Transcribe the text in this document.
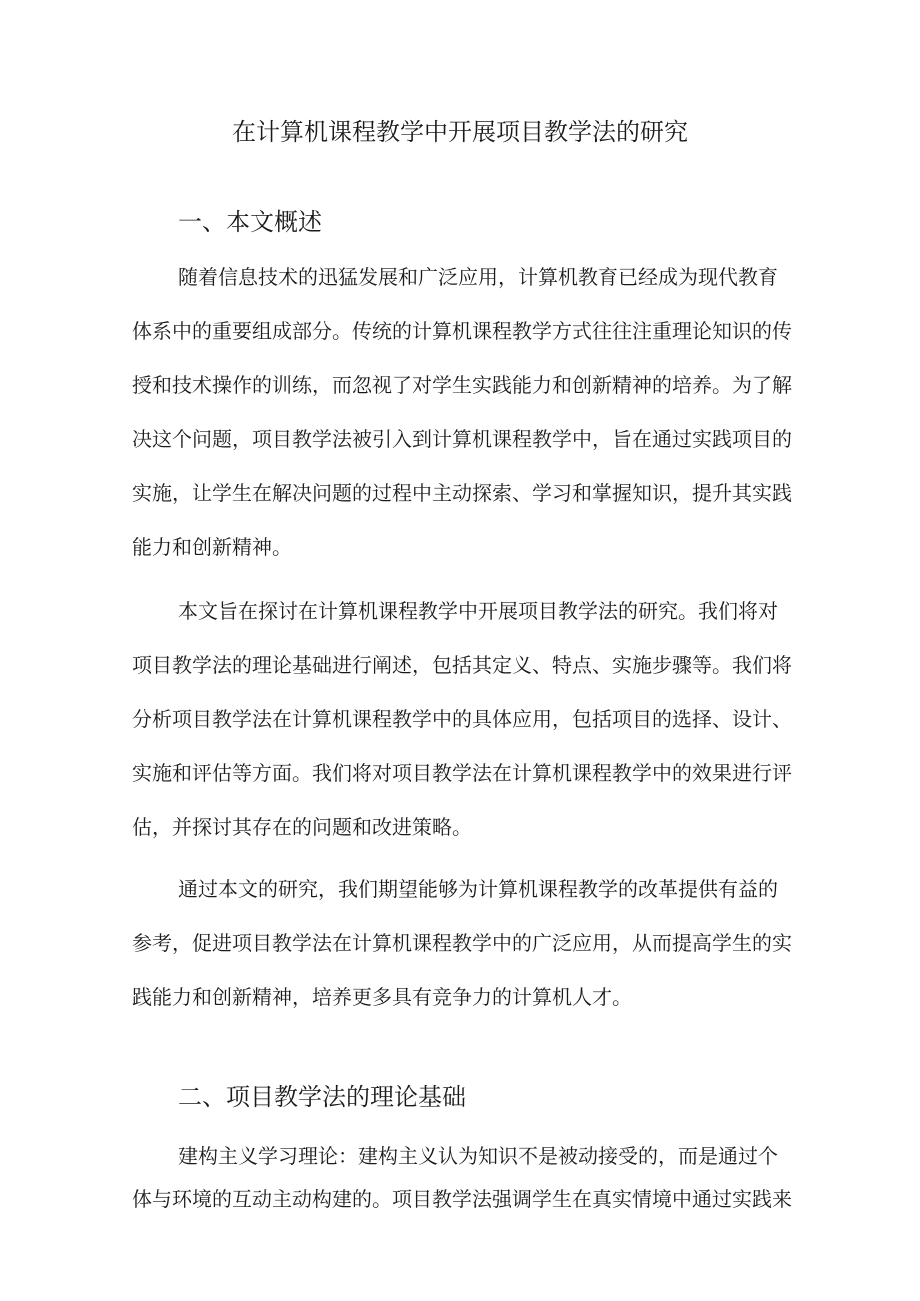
在计算机课程教学中开展项目教学法的研究
一、本文概述

随着信息技术的迅猛发展和广泛应用，计算机教育已经成为现代教育

体系中的重要组成部分。传统的计算机课程教学方式往往注重理论知识的传

授和技术操作的训练，而忽视了对学生实践能力和创新精神的培养。为了解

决这个问题，项目教学法被引入到计算机课程教学中，旨在通过实践项目的

实施，让学生在解决问题的过程中主动探索、学习和掌握知识，提升其实践

能力和创新精神。

本文旨在探讨在计算机课程教学中开展项目教学法的研究。我们将对

项目教学法的理论基础进行阐述，包括其定义、特点、实施步骤等。我们将

分析项目教学法在计算机课程教学中的具体应用，包括项目的选择、设计、

实施和评估等方面。我们将对项目教学法在计算机课程教学中的效果进行评

估，并探讨其存在的问题和改进策略。

通过本文的研究，我们期望能够为计算机课程教学的改革提供有益的

参考，促进项目教学法在计算机课程教学中的广泛应用，从而提高学生的实

践能力和创新精神，培养更多具有竞争力的计算机人才。

二、项目教学法的理论基础

建构主义学习理论：建构主义认为知识不是被动接受的，而是通过个

体与环境的互动主动构建的。项目教学法强调学生在真实情境中通过实践来
